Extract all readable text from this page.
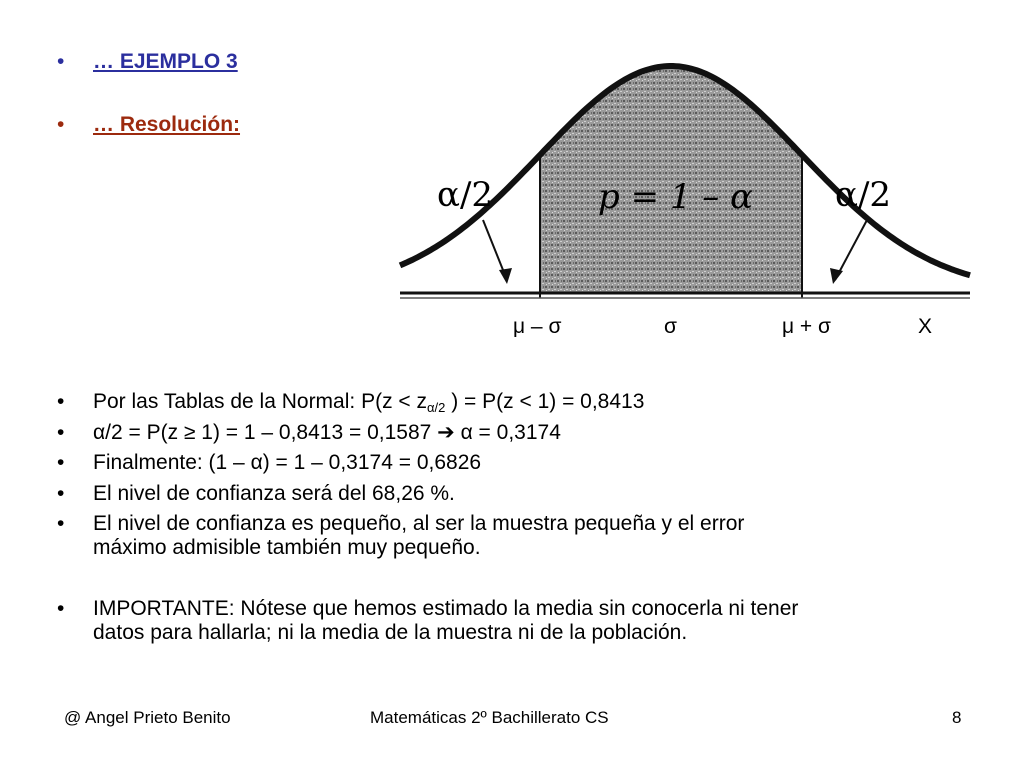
•	… EJEMPLO 3
•	… Resolución:
α/2	α/2
p = 1 – α
μ – σ	σ	μ + σ	X
•	Por las Tablas de la Normal: $P(z < z_{\alpha/2}$ ) = P(z < 1) = 0,8413
•	α/2 = P(z ≥ 1) = 1 – 0,8413 = 0,1587 ➔ α = 0,3174
•	Finalmente: (1 – α) = 1 – 0,3174 = 0,6826
•	El nivel de confianza será del 68,26 %.
•	El nivel de confianza es pequeño, al ser la muestra pequeña y el error
máximo admisible también muy pequeño.
•	IMPORTANTE: Nótese que hemos estimado la media sin conocerla ni tener
datos para hallarla; ni la media de la muestra ni de la población.
@ Angel Prieto Benito	Matemáticas 2º Bachillerato CS	8
